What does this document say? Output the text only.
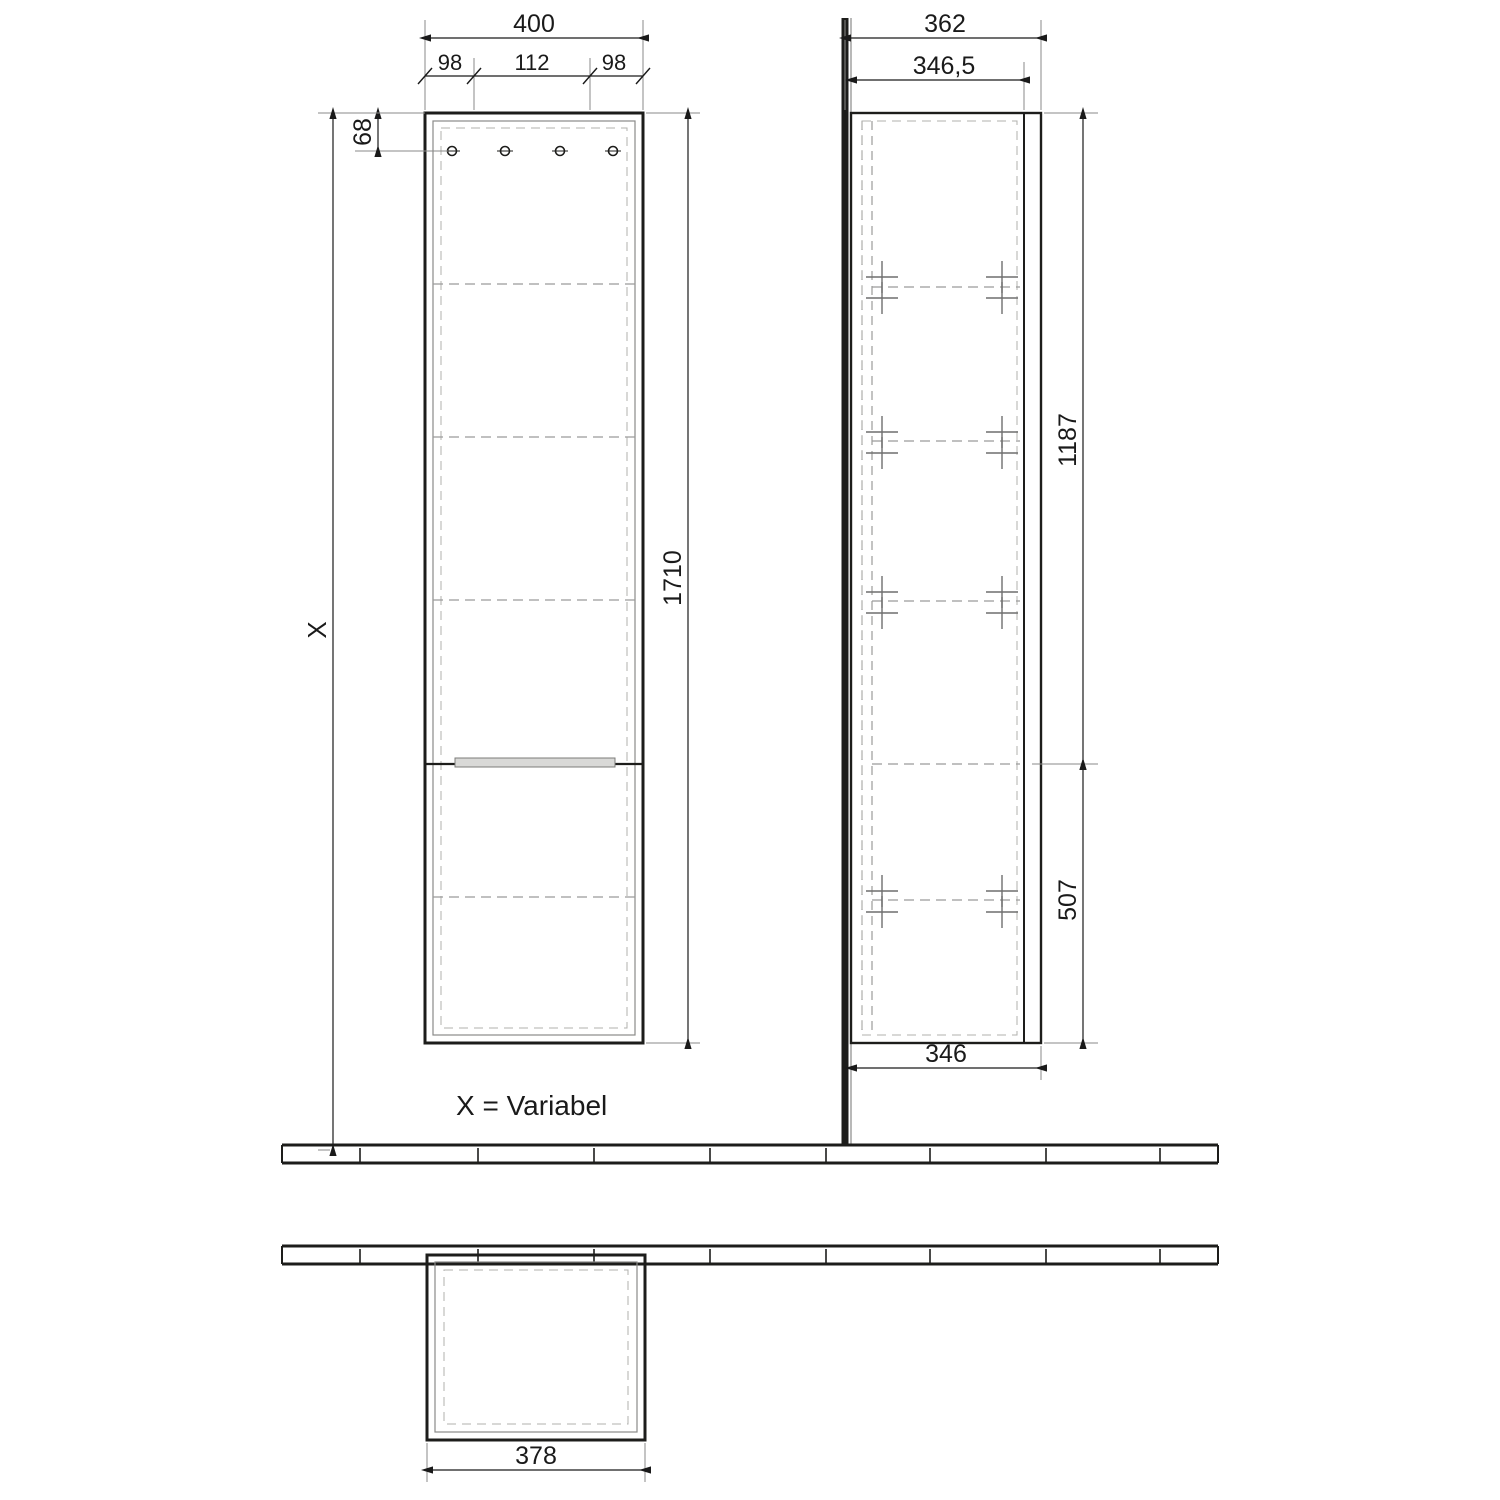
400
98 112 98
68
1710
X
362
346,5
346
1187
507
X = Variabel
378
